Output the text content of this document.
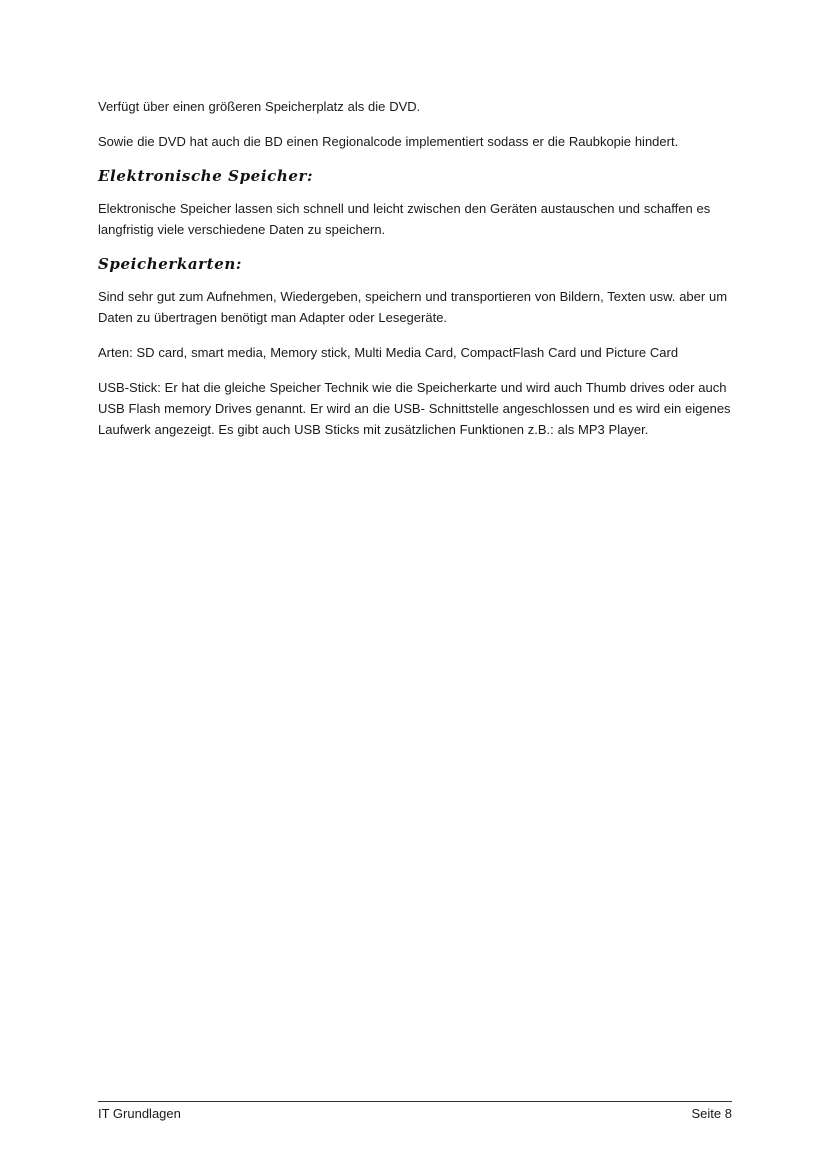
Verfügt über einen größeren Speicherplatz als die DVD.

Sowie die DVD hat auch die BD einen Regionalcode implementiert sodass er die Raubkopie hindert.

Elektronische Speicher:

Elektronische Speicher lassen sich schnell und leicht zwischen den Geräten austauschen und schaffen es langfristig viele verschiedene Daten zu speichern.

Speicherkarten:

Sind sehr gut zum Aufnehmen, Wiedergeben, speichern und transportieren von Bildern, Texten usw. aber um Daten zu übertragen benötigt man Adapter oder Lesegeräte.

Arten: SD card, smart media, Memory stick, Multi Media Card, CompactFlash Card und Picture Card

USB-Stick: Er hat die gleiche Speicher Technik wie die Speicherkarte und wird auch Thumb drives oder auch USB Flash memory Drives genannt. Er wird an die USB- Schnittstelle angeschlossen und es wird ein eigenes Laufwerk angezeigt. Es gibt auch USB Sticks mit zusätzlichen Funktionen z.B.: als MP3 Player.

IT Grundlagen	Seite 8
